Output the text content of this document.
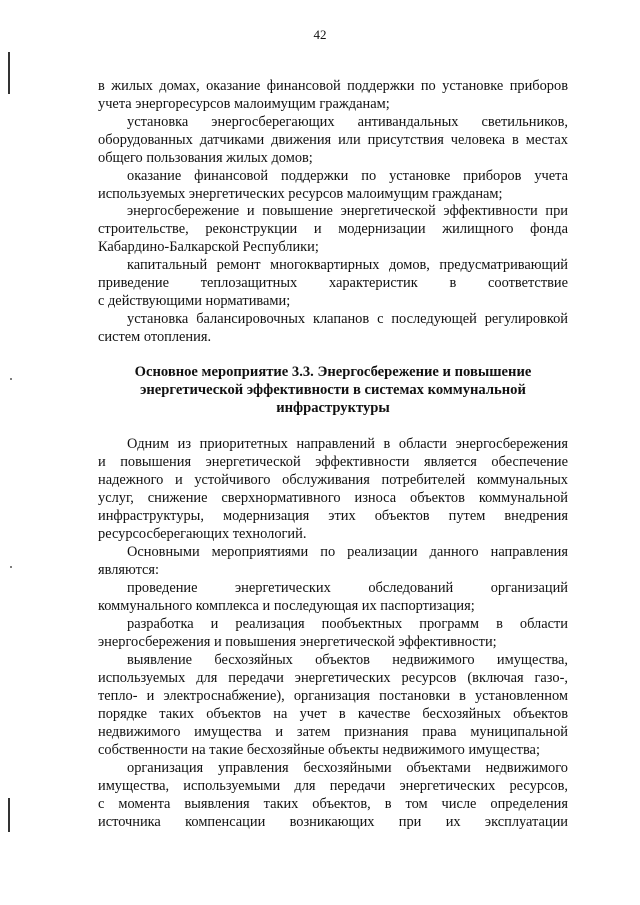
42
в жилых домах, оказание финансовой поддержки по установке приборов
учета энергоресурсов малоимущим гражданам;
установка энергосберегающих антивандальных светильников,
оборудованных датчиками движения или присутствия человека в местах
общего пользования жилых домов;
оказание финансовой поддержки по установке приборов учета
используемых энергетических ресурсов малоимущим гражданам;
энергосбережение и повышение энергетической эффективности при
строительстве, реконструкции и модернизации жилищного фонда
Кабардино-Балкарской Республики;
капитальный ремонт многоквартирных домов, предусматривающий
приведение теплозащитных характеристик в соответствие
с действующими нормативами;
установка балансировочных клапанов с последующей регулировкой
систем отопления.
Основное мероприятие 3.3. Энергосбережение и повышение
энергетической эффективности в системах коммунальной
инфраструктуры
Одним из приоритетных направлений в области энергосбережения
и повышения энергетической эффективности является обеспечение
надежного и устойчивого обслуживания потребителей коммунальных
услуг, снижение сверхнормативного износа объектов коммунальной
инфраструктуры, модернизация этих объектов путем внедрения
ресурсосберегающих технологий.
Основными мероприятиями по реализации данного направления
являются:
проведение энергетических обследований организаций
коммунального комплекса и последующая их паспортизация;
разработка и реализация пообъектных программ в области
энергосбережения и повышения энергетической эффективности;
выявление бесхозяйных объектов недвижимого имущества,
используемых для передачи энергетических ресурсов (включая газо-,
тепло- и электроснабжение), организация постановки в установленном
порядке таких объектов на учет в качестве бесхозяйных объектов
недвижимого имущества и затем признания права муниципальной
собственности на такие бесхозяйные объекты недвижимого имущества;
организация управления бесхозяйными объектами недвижимого
имущества, используемыми для передачи энергетических ресурсов,
с момента выявления таких объектов, в том числе определения
источника компенсации возникающих при их эксплуатации
